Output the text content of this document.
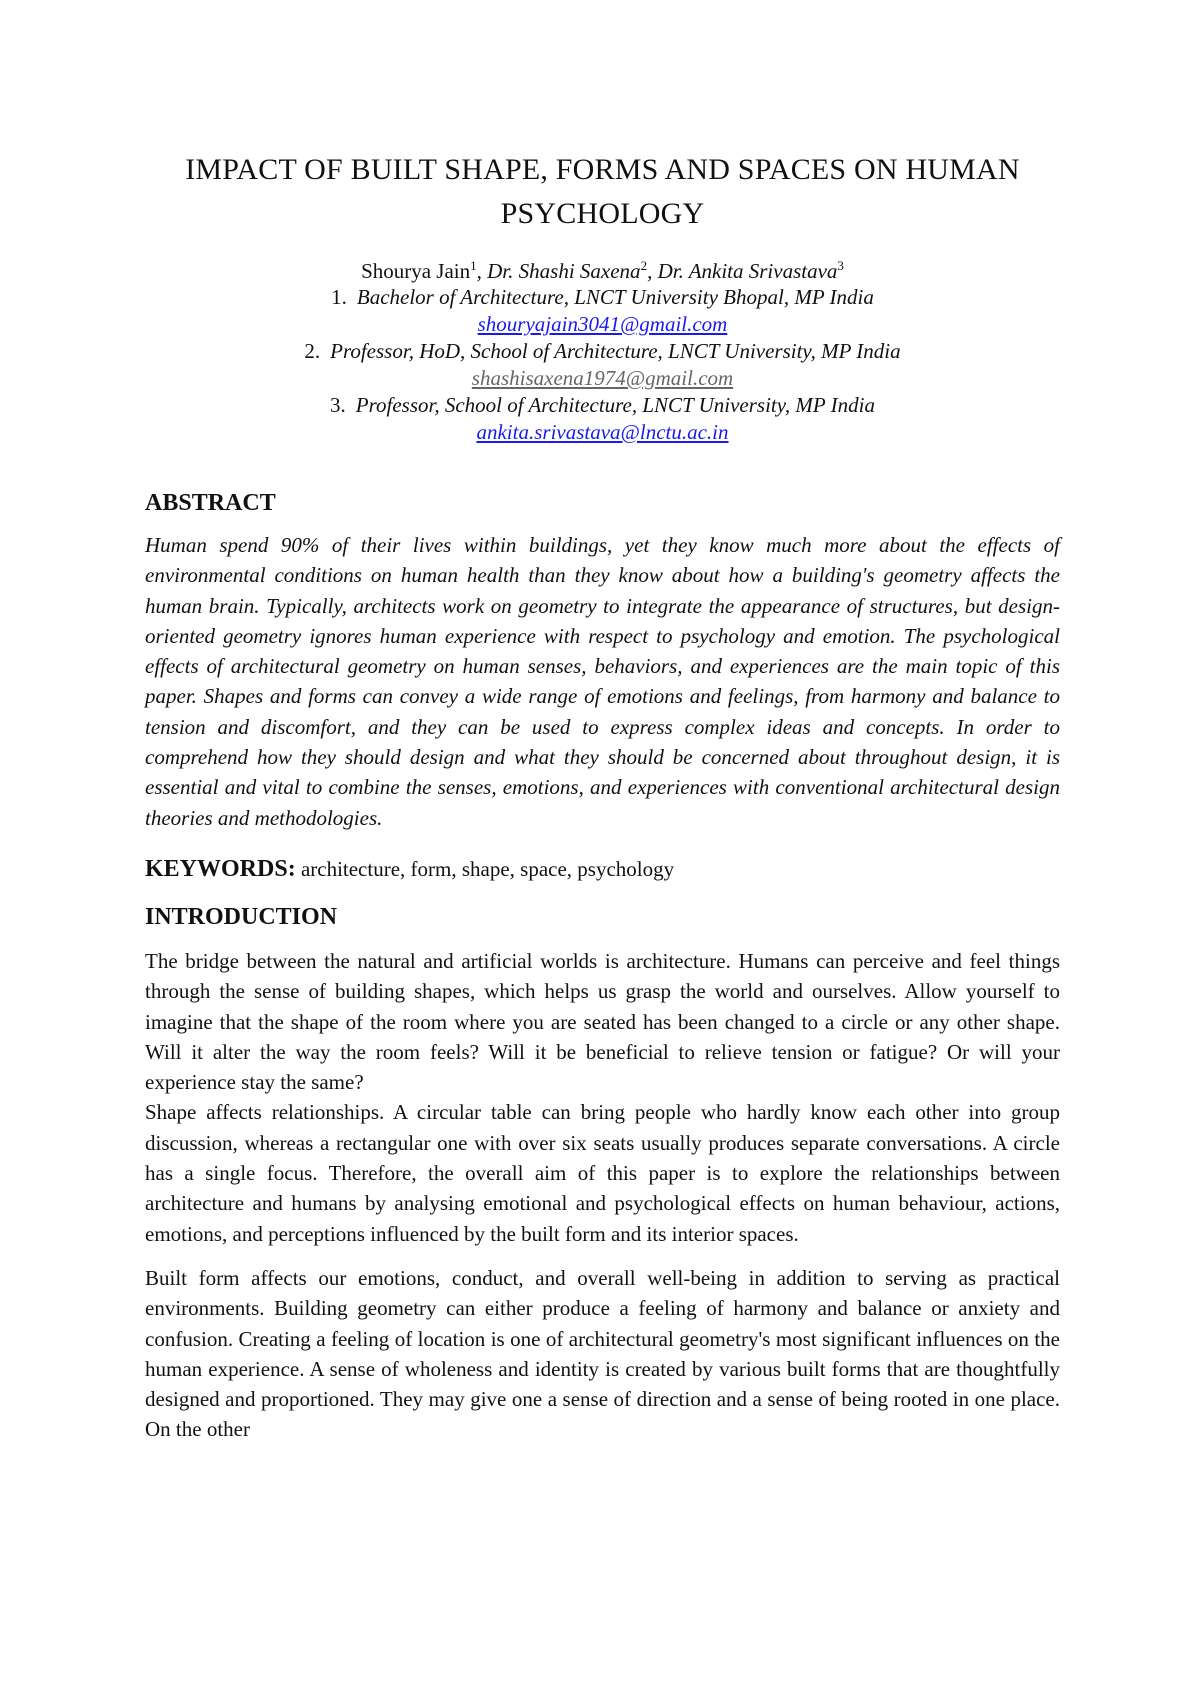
IMPACT OF BUILT SHAPE, FORMS AND SPACES ON HUMAN PSYCHOLOGY
Shourya Jain$^1$, Dr. Shashi Saxena$^2$, Dr. Ankita Srivastava$^3$
1. Bachelor of Architecture, LNCT University Bhopal, MP India
shouryajain3041@gmail.com
2. Professor, HoD, School of Architecture, LNCT University, MP India
shashisaxena1974@gmail.com
3. Professor, School of Architecture, LNCT University, MP India
ankita.srivastava@lnctu.ac.in
ABSTRACT

Human spend 90% of their lives within buildings, yet they know much more about the effects of environmental conditions on human health than they know about how a building's geometry affects the human brain. Typically, architects work on geometry to integrate the appearance of structures, but design-oriented geometry ignores human experience with respect to psychology and emotion. The psychological effects of architectural geometry on human senses, behaviors, and experiences are the main topic of this paper. Shapes and forms can convey a wide range of emotions and feelings, from harmony and balance to tension and discomfort, and they can be used to express complex ideas and concepts. In order to comprehend how they should design and what they should be concerned about throughout design, it is essential and vital to combine the senses, emotions, and experiences with conventional architectural design theories and methodologies.

KEYWORDS: architecture, form, shape, space, psychology
INTRODUCTION

The bridge between the natural and artificial worlds is architecture. Humans can perceive and feel things through the sense of building shapes, which helps us grasp the world and ourselves. Allow yourself to imagine that the shape of the room where you are seated has been changed to a circle or any other shape. Will it alter the way the room feels? Will it be beneficial to relieve tension or fatigue? Or will your experience stay the same?

Shape affects relationships. A circular table can bring people who hardly know each other into group discussion, whereas a rectangular one with over six seats usually produces separate conversations. A circle has a single focus. Therefore, the overall aim of this paper is to explore the relationships between architecture and humans by analysing emotional and psychological effects on human behaviour, actions, emotions, and perceptions influenced by the built form and its interior spaces.

Built form affects our emotions, conduct, and overall well-being in addition to serving as practical environments. Building geometry can either produce a feeling of harmony and balance or anxiety and confusion. Creating a feeling of location is one of architectural geometry's most significant influences on the human experience. A sense of wholeness and identity is created by various built forms that are thoughtfully designed and proportioned. They may give one a sense of direction and a sense of being rooted in one place. On the other
